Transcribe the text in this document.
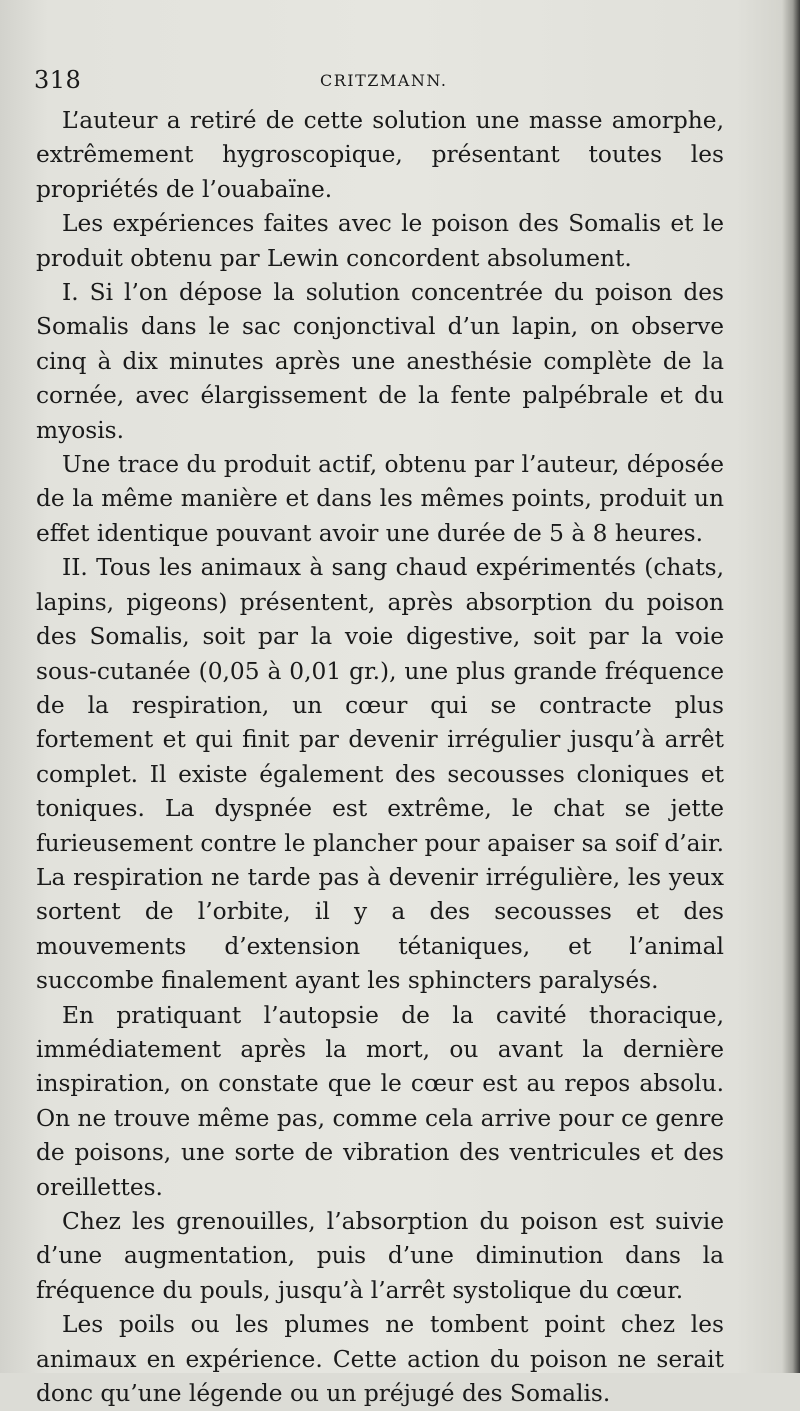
318	CRITZMANN.

L’auteur a retiré de cette solution une masse amorphe, extrêmement hygroscopique, présentant toutes les propriétés de l’ouabaïne.

Les expériences faites avec le poison des Somalis et le produit obtenu par Lewin concordent absolument.

I. Si l’on dépose la solution concentrée du poison des Somalis dans le sac conjonctival d’un lapin, on observe cinq à dix minutes après une anesthésie complète de la cornée, avec élargissement de la fente palpébrale et du myosis.

Une trace du produit actif, obtenu par l’auteur, déposée de la même manière et dans les mêmes points, produit un effet identique pouvant avoir une durée de 5 à 8 heures.

II. Tous les animaux à sang chaud expérimentés (chats, lapins, pigeons) présentent, après absorption du poison des Somalis, soit par la voie digestive, soit par la voie sous-cutanée (0,05 à 0,01 gr.), une plus grande fréquence de la respiration, un cœur qui se contracte plus fortement et qui finit par devenir irrégulier jusqu’à arrêt complet. Il existe également des secousses cloniques et toniques. La dyspnée est extrême, le chat se jette furieusement contre le plancher pour apaiser sa soif d’air. La respiration ne tarde pas à devenir irrégulière, les yeux sortent de l’orbite, il y a des secousses et des mouvements d’extension tétaniques, et l’animal succombe finalement ayant les sphincters paralysés.

En pratiquant l’autopsie de la cavité thoracique, immédiatement après la mort, ou avant la dernière inspiration, on constate que le cœur est au repos absolu. On ne trouve même pas, comme cela arrive pour ce genre de poisons, une sorte de vibration des ventricules et des oreillettes.

Chez les grenouilles, l’absorption du poison est suivie d’une augmentation, puis d’une diminution dans la fréquence du pouls, jusqu’à l’arrêt systolique du cœur.

Les poils ou les plumes ne tombent point chez les animaux en expérience. Cette action du poison ne serait donc qu’une légende ou un préjugé des Somalis.
